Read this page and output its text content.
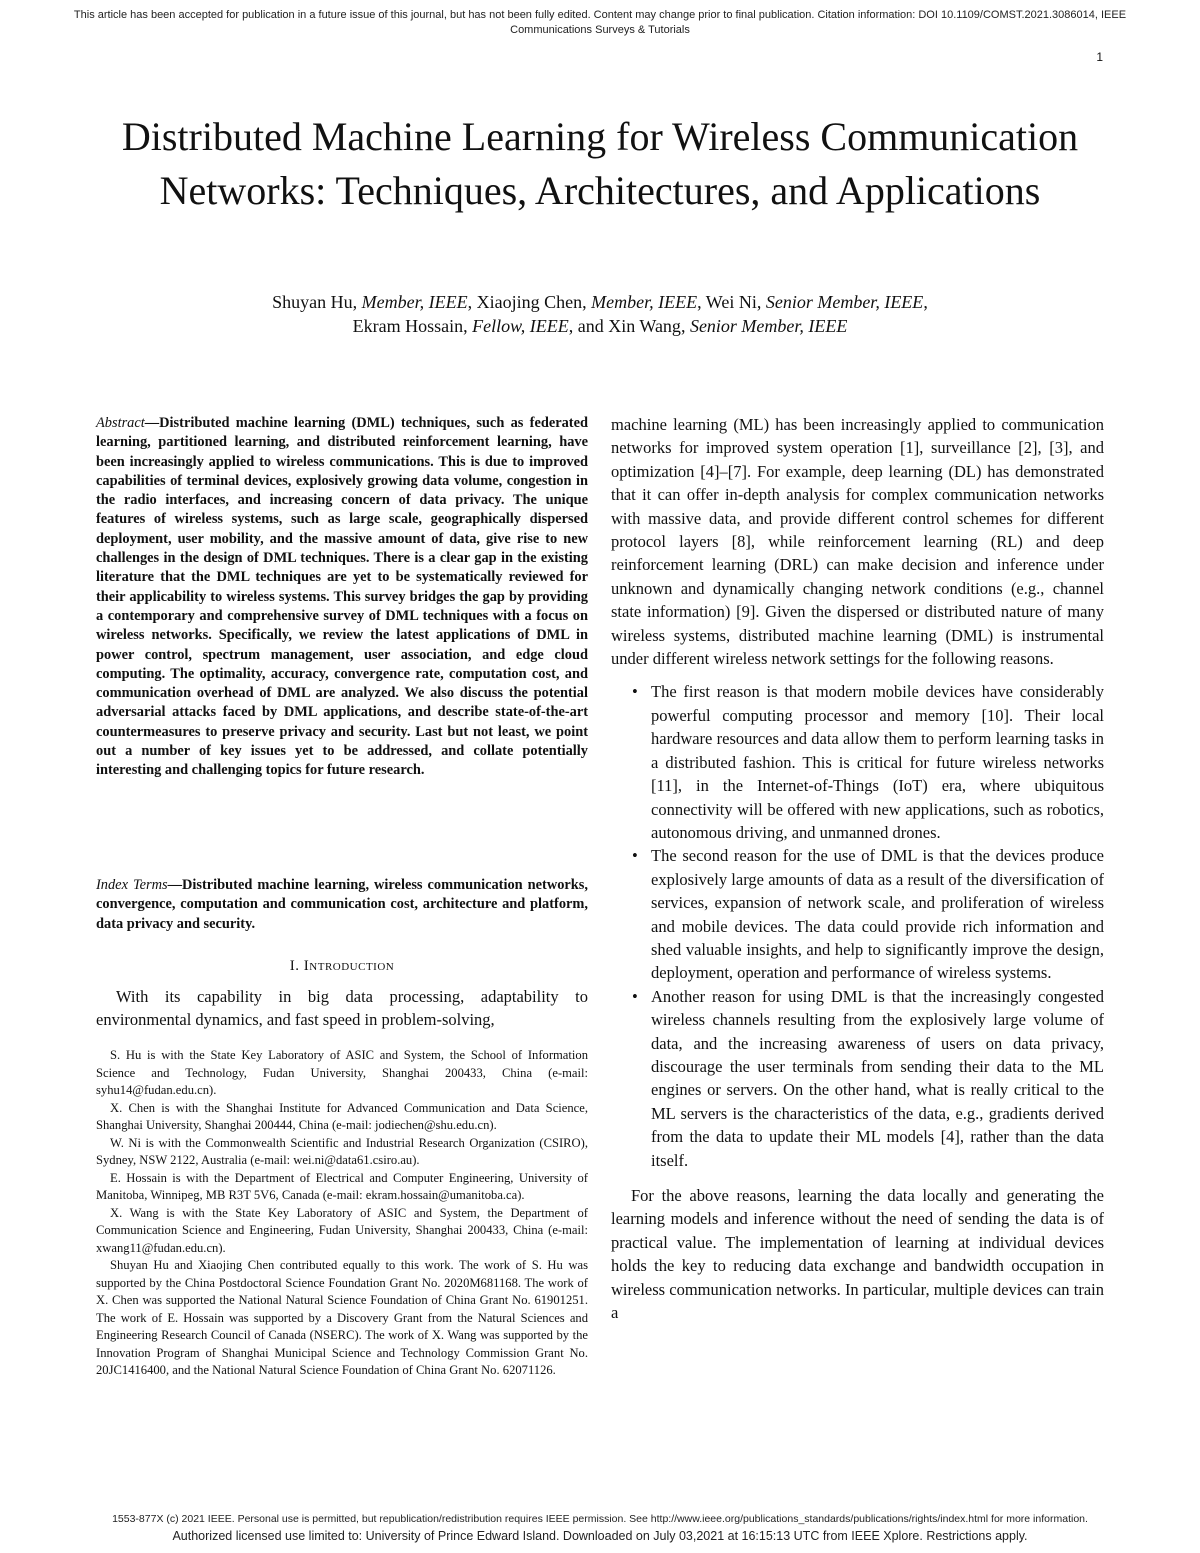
This article has been accepted for publication in a future issue of this journal, but has not been fully edited. Content may change prior to final publication. Citation information: DOI 10.1109/COMST.2021.3086014, IEEE
Communications Surveys & Tutorials
1
Distributed Machine Learning for Wireless Communication Networks: Techniques, Architectures, and Applications
Shuyan Hu, Member, IEEE, Xiaojing Chen, Member, IEEE, Wei Ni, Senior Member, IEEE,
Ekram Hossain, Fellow, IEEE, and Xin Wang, Senior Member, IEEE
Abstract—Distributed machine learning (DML) techniques, such as federated learning, partitioned learning, and distributed reinforcement learning, have been increasingly applied to wireless communications. This is due to improved capabilities of terminal devices, explosively growing data volume, congestion in the radio interfaces, and increasing concern of data privacy. The unique features of wireless systems, such as large scale, geographically dispersed deployment, user mobility, and the massive amount of data, give rise to new challenges in the design of DML techniques. There is a clear gap in the existing literature that the DML techniques are yet to be systematically reviewed for their applicability to wireless systems. This survey bridges the gap by providing a contemporary and comprehensive survey of DML techniques with a focus on wireless networks. Specifically, we review the latest applications of DML in power control, spectrum management, user association, and edge cloud computing. The optimality, accuracy, convergence rate, computation cost, and communication overhead of DML are analyzed. We also discuss the potential adversarial attacks faced by DML applications, and describe state-of-the-art countermeasures to preserve privacy and security. Last but not least, we point out a number of key issues yet to be addressed, and collate potentially interesting and challenging topics for future research.
Index Terms—Distributed machine learning, wireless communication networks, convergence, computation and communication cost, architecture and platform, data privacy and security.
I. Introduction

With its capability in big data processing, adaptability to environmental dynamics, and fast speed in problem-solving,

S. Hu is with the State Key Laboratory of ASIC and System, the School of Information Science and Technology, Fudan University, Shanghai 200433, China (e-mail: syhu14@fudan.edu.cn).

X. Chen is with the Shanghai Institute for Advanced Communication and Data Science, Shanghai University, Shanghai 200444, China (e-mail: jodiechen@shu.edu.cn).

W. Ni is with the Commonwealth Scientific and Industrial Research Organization (CSIRO), Sydney, NSW 2122, Australia (e-mail: wei.ni@data61.csiro.au).

E. Hossain is with the Department of Electrical and Computer Engineering, University of Manitoba, Winnipeg, MB R3T 5V6, Canada (e-mail: ekram.hossain@umanitoba.ca).

X. Wang is with the State Key Laboratory of ASIC and System, the Department of Communication Science and Engineering, Fudan University, Shanghai 200433, China (e-mail: xwang11@fudan.edu.cn).

Shuyan Hu and Xiaojing Chen contributed equally to this work. The work of S. Hu was supported by the China Postdoctoral Science Foundation Grant No. 2020M681168. The work of X. Chen was supported the National Natural Science Foundation of China Grant No. 61901251. The work of E. Hossain was supported by a Discovery Grant from the Natural Sciences and Engineering Research Council of Canada (NSERC). The work of X. Wang was supported by the Innovation Program of Shanghai Municipal Science and Technology Commission Grant No. 20JC1416400, and the National Natural Science Foundation of China Grant No. 62071126.

machine learning (ML) has been increasingly applied to communication networks for improved system operation [1], surveillance [2], [3], and optimization [4]–[7]. For example, deep learning (DL) has demonstrated that it can offer in-depth analysis for complex communication networks with massive data, and provide different control schemes for different protocol layers [8], while reinforcement learning (RL) and deep reinforcement learning (DRL) can make decision and inference under unknown and dynamically changing network conditions (e.g., channel state information) [9]. Given the dispersed or distributed nature of many wireless systems, distributed machine learning (DML) is instrumental under different wireless network settings for the following reasons.

• The first reason is that modern mobile devices have considerably powerful computing processor and memory [10]. Their local hardware resources and data allow them to perform learning tasks in a distributed fashion. This is critical for future wireless networks [11], in the Internet-of-Things (IoT) era, where ubiquitous connectivity will be offered with new applications, such as robotics, autonomous driving, and unmanned drones.
• The second reason for the use of DML is that the devices produce explosively large amounts of data as a result of the diversification of services, expansion of network scale, and proliferation of wireless and mobile devices. The data could provide rich information and shed valuable insights, and help to significantly improve the design, deployment, operation and performance of wireless systems.
• Another reason for using DML is that the increasingly congested wireless channels resulting from the explosively large volume of data, and the increasing awareness of users on data privacy, discourage the user terminals from sending their data to the ML engines or servers. On the other hand, what is really critical to the ML servers is the characteristics of the data, e.g., gradients derived from the data to update their ML models [4], rather than the data itself.

For the above reasons, learning the data locally and generating the learning models and inference without the need of sending the data is of practical value. The implementation of learning at individual devices holds the key to reducing data exchange and bandwidth occupation in wireless communication networks. In particular, multiple devices can train a

1553-877X (c) 2021 IEEE. Personal use is permitted, but republication/redistribution requires IEEE permission. See http://www.ieee.org/publications_standards/publications/rights/index.html for more information.
Authorized licensed use limited to: University of Prince Edward Island. Downloaded on July 03,2021 at 16:15:13 UTC from IEEE Xplore. Restrictions apply.
